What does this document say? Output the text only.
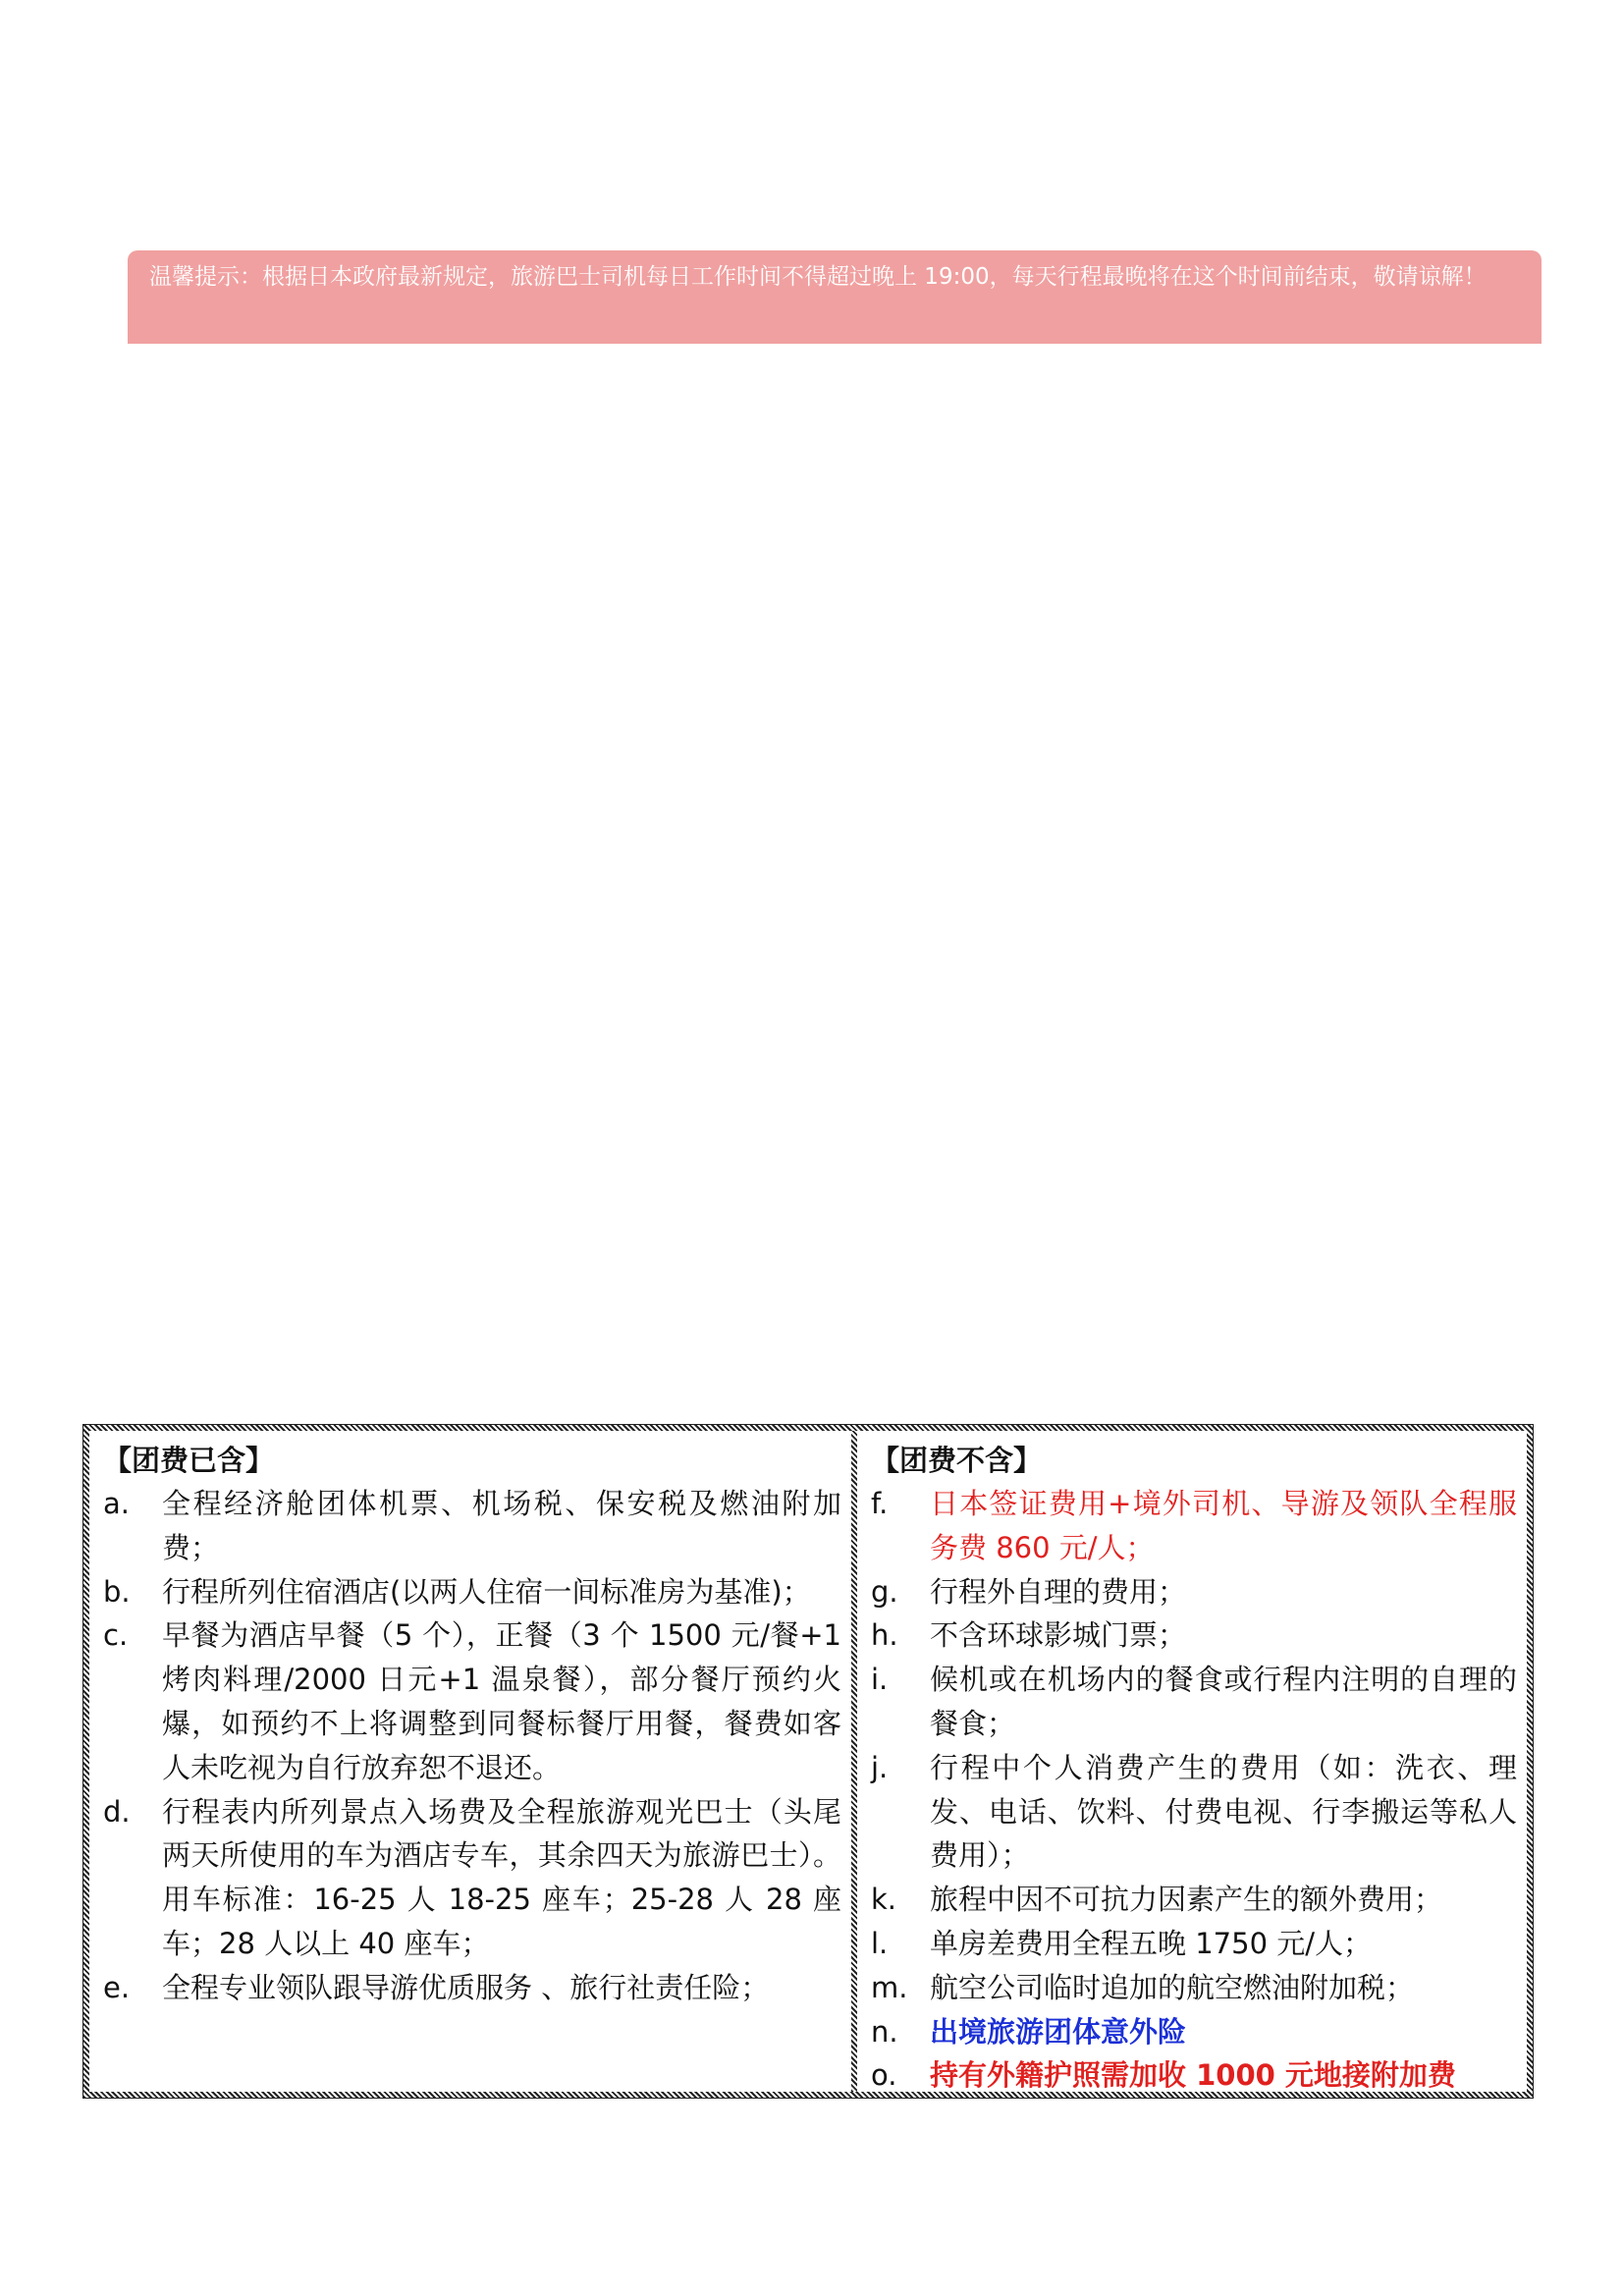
温馨提示：根据日本政府最新规定，旅游巴士司机每日工作时间不得超过晚上 19:00，每天行程最晚将在这个时间前结束，敬请谅解！
【团费已含】
a.	全程经济舱团体机票、机场税、保安税及燃油附加费；
b.	行程所列住宿酒店(以两人住宿一间标准房为基准)；
c.	早餐为酒店早餐（5 个），正餐（3 个 1500 元/餐+1 烤肉料理/2000 日元+1 温泉餐），部分餐厅预约火爆，如预约不上将调整到同餐标餐厅用餐，餐费如客人未吃视为自行放弃恕不退还。
d.	行程表内所列景点入场费及全程旅游观光巴士（头尾两天所使用的车为酒店专车，其余四天为旅游巴士）。用车标准：16-25 人 18-25 座车；25-28 人 28 座车；28 人以上 40 座车；
e.	全程专业领队跟导游优质服务 、旅行社责任险；
【团费不含】
f.	日本签证费用+境外司机、导游及领队全程服务费 860 元/人；
g.	行程外自理的费用；
h.	不含环球影城门票；
i.	候机或在机场内的餐食或行程内注明的自理的餐食；
j.	行程中个人消费产生的费用（如：洗衣、理发、电话、饮料、付费电视、行李搬运等私人费用）；
k.	旅程中因不可抗力因素产生的额外费用；
l.	单房差费用全程五晚 1750 元/人；
m. 航空公司临时追加的航空燃油附加税；
n.	出境旅游团体意外险
o.	持有外籍护照需加收 1000 元地接附加费
